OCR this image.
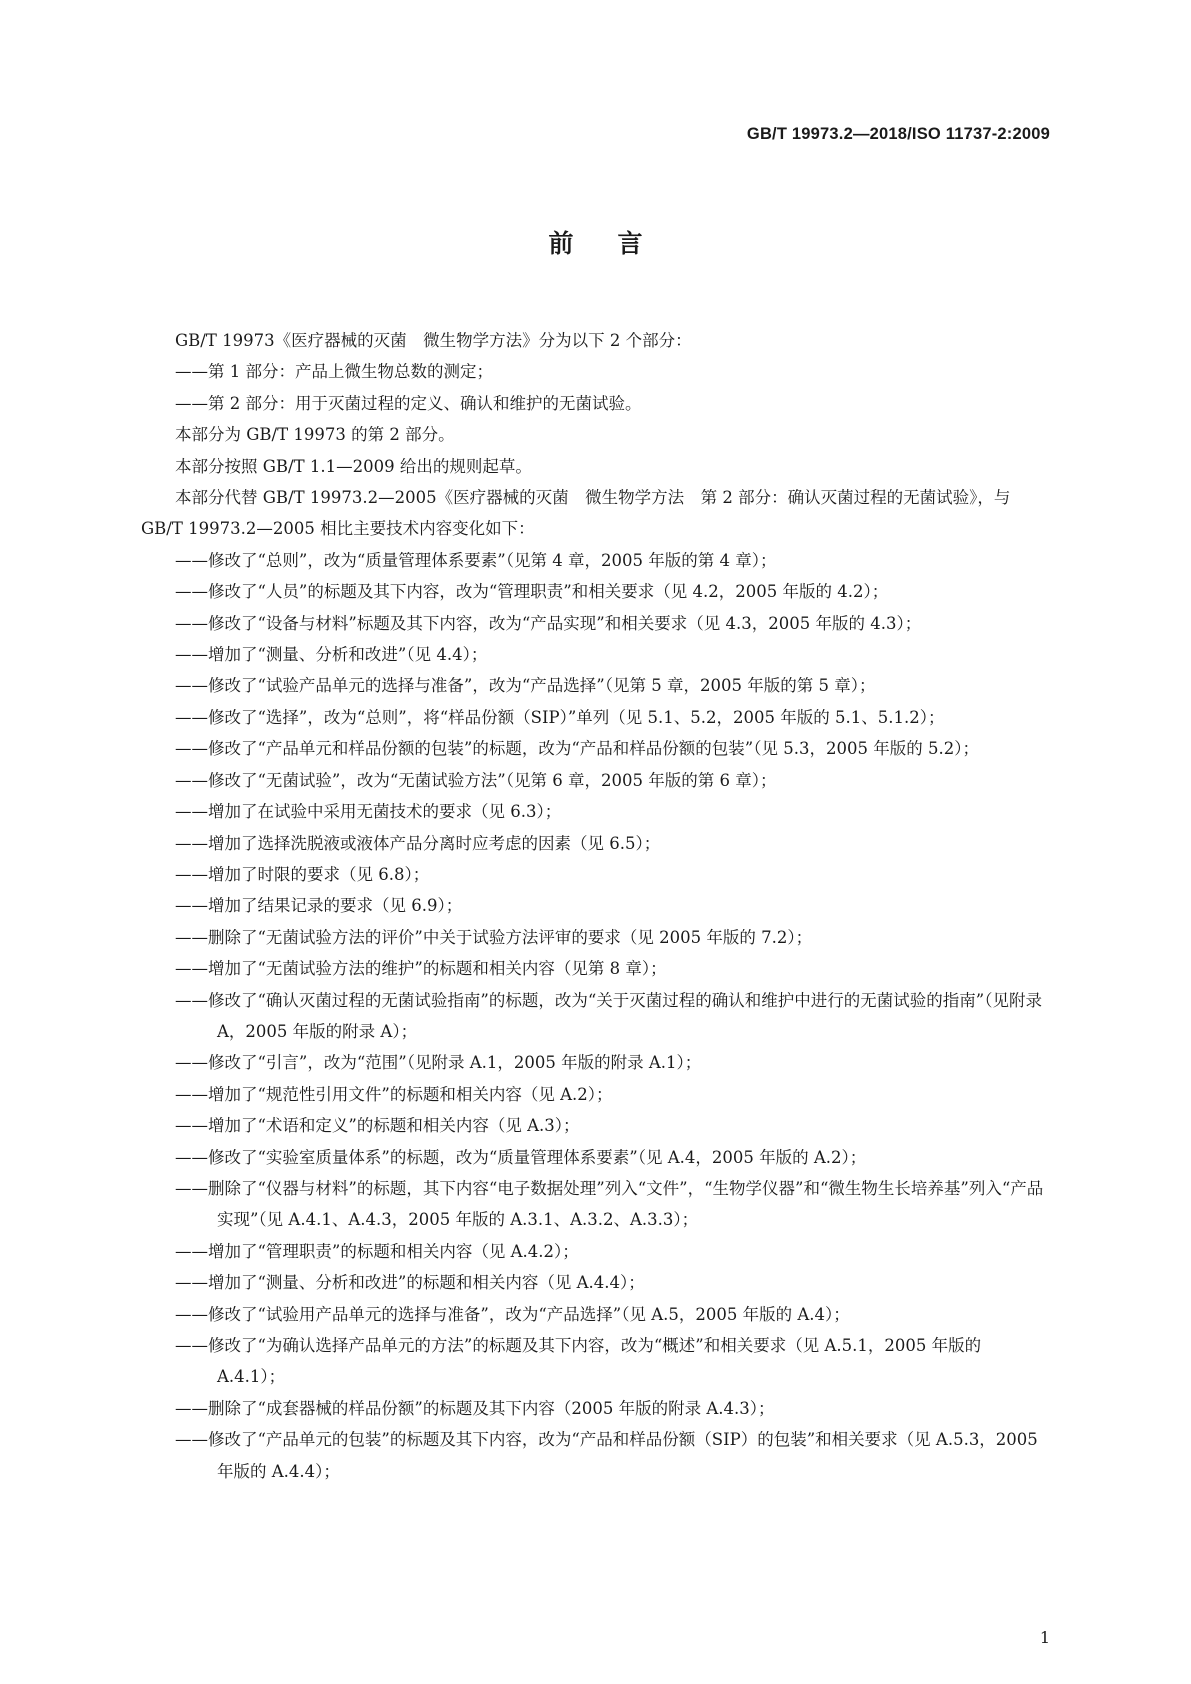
GB/T 19973.2—2018/ISO 11737-2:2009
前言

GB/T 19973《医疗器械的灭菌　微生物学方法》分为以下 2 个部分：

——第 1 部分：产品上微生物总数的测定；

——第 2 部分：用于灭菌过程的定义、确认和维护的无菌试验。

本部分为 GB/T 19973 的第 2 部分。

本部分按照 GB/T 1.1—2009 给出的规则起草。

本部分代替 GB/T 19973.2—2005《医疗器械的灭菌　微生物学方法　第 2 部分：确认灭菌过程的无菌试验》，与 GB/T 19973.2—2005 相比主要技术内容变化如下：

——修改了“总则”，改为“质量管理体系要素”（见第 4 章，2005 年版的第 4 章）；

——修改了“人员”的标题及其下内容，改为“管理职责”和相关要求（见 4.2，2005 年版的 4.2）；

——修改了“设备与材料”标题及其下内容，改为“产品实现”和相关要求（见 4.3，2005 年版的 4.3）；

——增加了“测量、分析和改进”（见 4.4）；

——修改了“试验产品单元的选择与准备”，改为“产品选择”（见第 5 章，2005 年版的第 5 章）；

——修改了“选择”，改为“总则”，将“样品份额（SIP）”单列（见 5.1、5.2，2005 年版的 5.1、5.1.2）；

——修改了“产品单元和样品份额的包装”的标题，改为“产品和样品份额的包装”（见 5.3，2005 年版的 5.2）；

——修改了“无菌试验”，改为“无菌试验方法”（见第 6 章，2005 年版的第 6 章）；

——增加了在试验中采用无菌技术的要求（见 6.3）；

——增加了选择洗脱液或液体产品分离时应考虑的因素（见 6.5）；

——增加了时限的要求（见 6.8）；

——增加了结果记录的要求（见 6.9）；

——删除了“无菌试验方法的评价”中关于试验方法评审的要求（见 2005 年版的 7.2）；

——增加了“无菌试验方法的维护”的标题和相关内容（见第 8 章）；

——修改了“确认灭菌过程的无菌试验指南”的标题，改为“关于灭菌过程的确认和维护中进行的无菌试验的指南”（见附录 A，2005 年版的附录 A）；

——修改了“引言”，改为“范围”（见附录 A.1，2005 年版的附录 A.1）；

——增加了“规范性引用文件”的标题和相关内容（见 A.2）；

——增加了“术语和定义”的标题和相关内容（见 A.3）；

——修改了“实验室质量体系”的标题，改为“质量管理体系要素”（见 A.4，2005 年版的 A.2）；

——删除了“仪器与材料”的标题，其下内容“电子数据处理”列入“文件”，“生物学仪器”和“微生物生长培养基”列入“产品实现”（见 A.4.1、A.4.3，2005 年版的 A.3.1、A.3.2、A.3.3）；

——增加了“管理职责”的标题和相关内容（见 A.4.2）；

——增加了“测量、分析和改进”的标题和相关内容（见 A.4.4）；

——修改了“试验用产品单元的选择与准备”，改为“产品选择”（见 A.5，2005 年版的 A.4）；

——修改了“为确认选择产品单元的方法”的标题及其下内容，改为“概述”和相关要求（见 A.5.1，2005 年版的 A.4.1）；

——删除了“成套器械的样品份额”的标题及其下内容（2005 年版的附录 A.4.3）；

——修改了“产品单元的包装”的标题及其下内容，改为“产品和样品份额（SIP）的包装”和相关要求（见 A.5.3，2005 年版的 A.4.4）；

1
